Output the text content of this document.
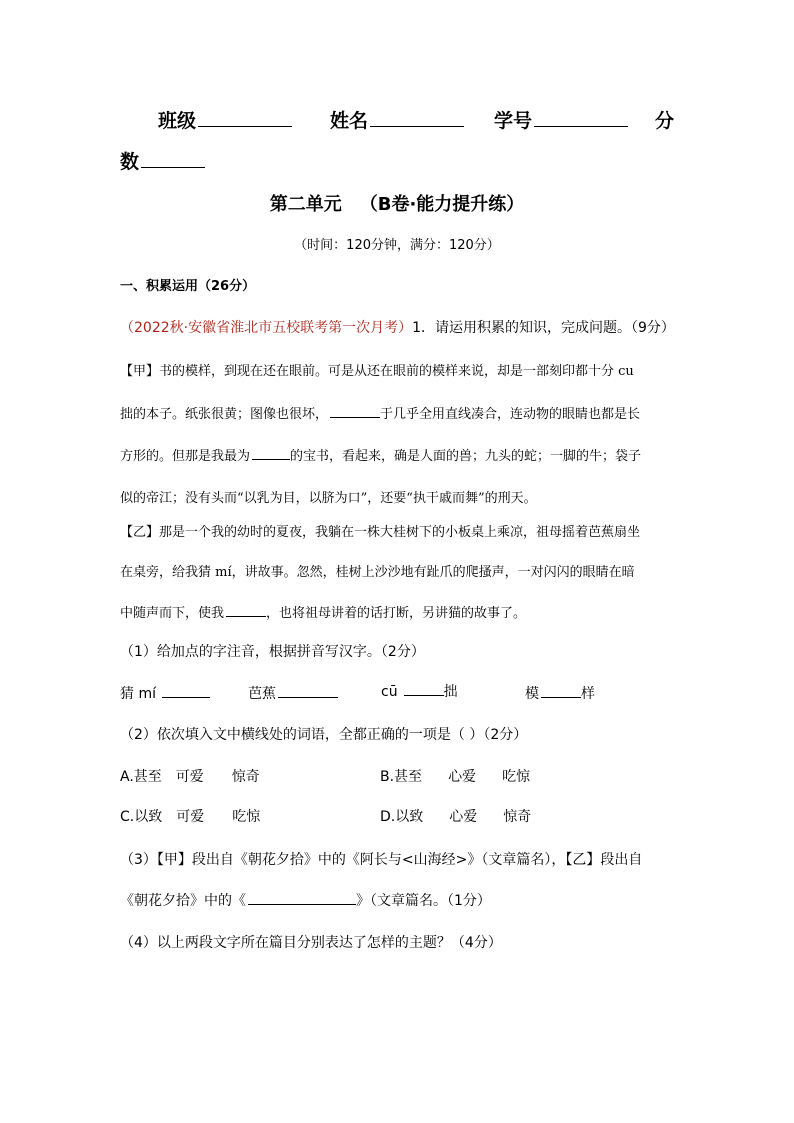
班级	姓名	学号	分
数
第二单元 （B卷·能力提升练）
（时间：120分钟，满分：120分）
一、积累运用（26分）
（2022秋·安徽省淮北市五校联考第一次月考）1．请运用积累的知识，完成问题。（9分）
【甲】书的模样，到现在还在眼前。可是从还在眼前的模样来说，却是一部刻印都十分 cu
拙的本子。纸张很黄；图像也很坏，	于几乎全用直线凑合，连动物的眼睛也都是长
方形的。但那是我最为	的宝书，看起来，确是人面的兽；九头的蛇；一脚的牛；袋子
似的帝江；没有头而“以乳为目，以脐为口”，还要“执干戚而舞”的刑天。
【乙】那是一个我的幼时的夏夜，我躺在一株大桂树下的小板桌上乘凉，祖母摇着芭蕉扇坐
在桌旁，给我猜 mí，讲故事。忽然，桂树上沙沙地有趾爪的爬搔声，一对闪闪的眼睛在暗
中随声而下，使我	，也将祖母讲着的话打断，另讲猫的故事了。
（1）给加点的字注音，根据拼音写汉字。（2分）
猜 mí	芭蕉	cū	拙	模	样
（2）依次填入文中横线处的词语，全都正确的一项是（ ）（2分）
A.甚至 可爱 惊奇	B.甚至 心爱 吃惊
C.以致 可爱 吃惊	D.以致 心爱 惊奇
（3）【甲】段出自《朝花夕拾》中的《阿长与<山海经>》（文章篇名），【乙】段出自
《朝花夕拾》中的《	》（文章篇名。（1分）
（4）以上两段文字所在篇目分别表达了怎样的主题？（4分）
